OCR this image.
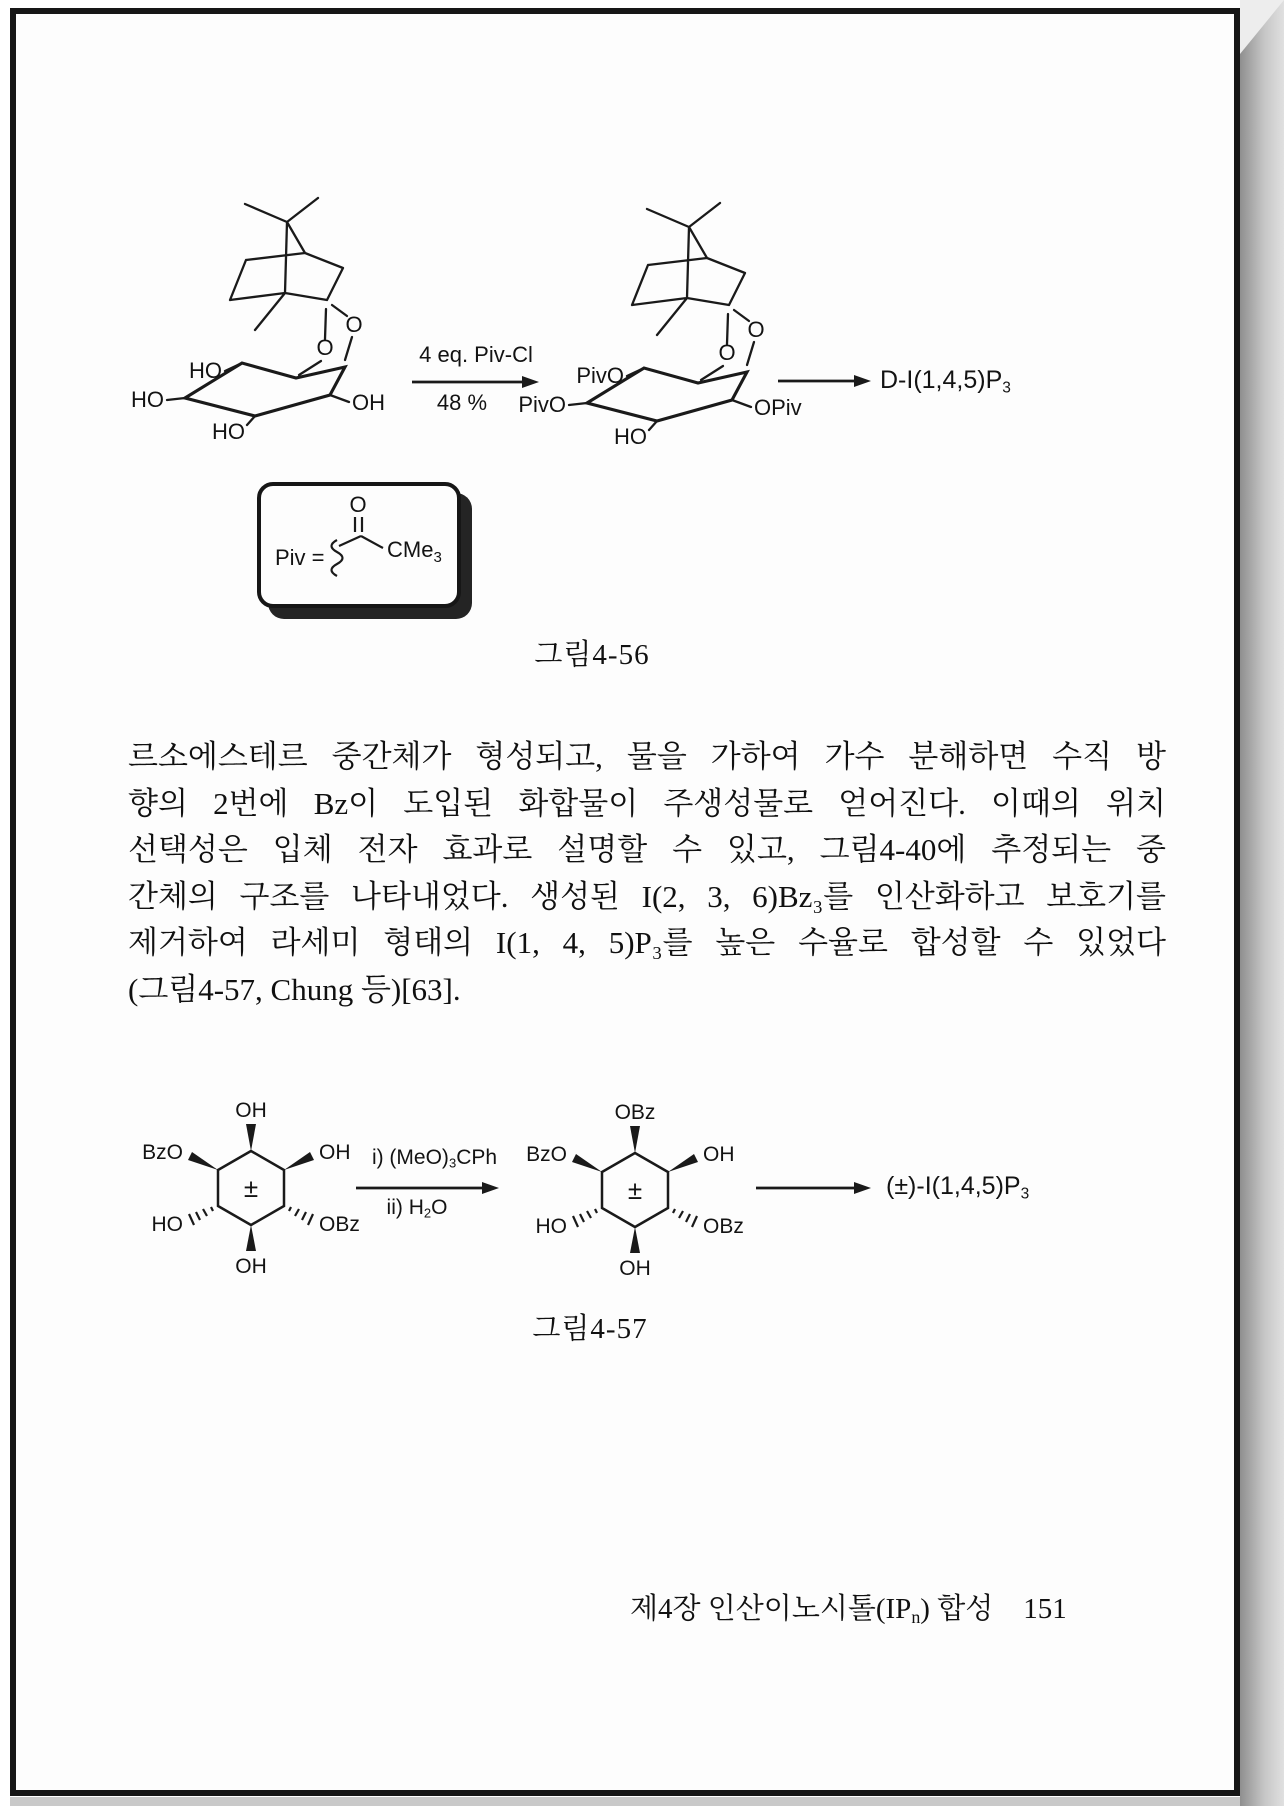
O
O
HO
HO
HO
OH
4 eq. Piv-Cl
48 %
O
O
PivO
PivO
HO
OPiv
$D-I(1,4,5)P_3$
Piv =
O
CMe$_3$
그림4-56
르소에스테르 중간체가 형성되고, 물을 가하여 가수 분해하면 수직 방
향의 2번에 Bz이 도입된 화합물이 주생성물로 얻어진다. 이때의 위치
선택성은 입체 전자 효과로 설명할 수 있고, 그림4-40에 추정되는 중
간체의 구조를 나타내었다. 생성된 I(2, 3, 6)Bz₃를 인산화하고 보호기를
제거하여 라세미 형태의 I(1, 4, 5)P₃를 높은 수율로 합성할 수 있었다
(그림4-57, Chung 등)[63].
OH
BzO	OH
HO	OBz
OH
±
i) $(MeO)_3CPh$
ii) $H_2O$
OBz
BzO	OH
HO	OBz
OH
±	$(\pm)-I(1,4,5)P_3$
그림4-57
제4장 인산이노시톨$(IP_n)$ 합성 151
